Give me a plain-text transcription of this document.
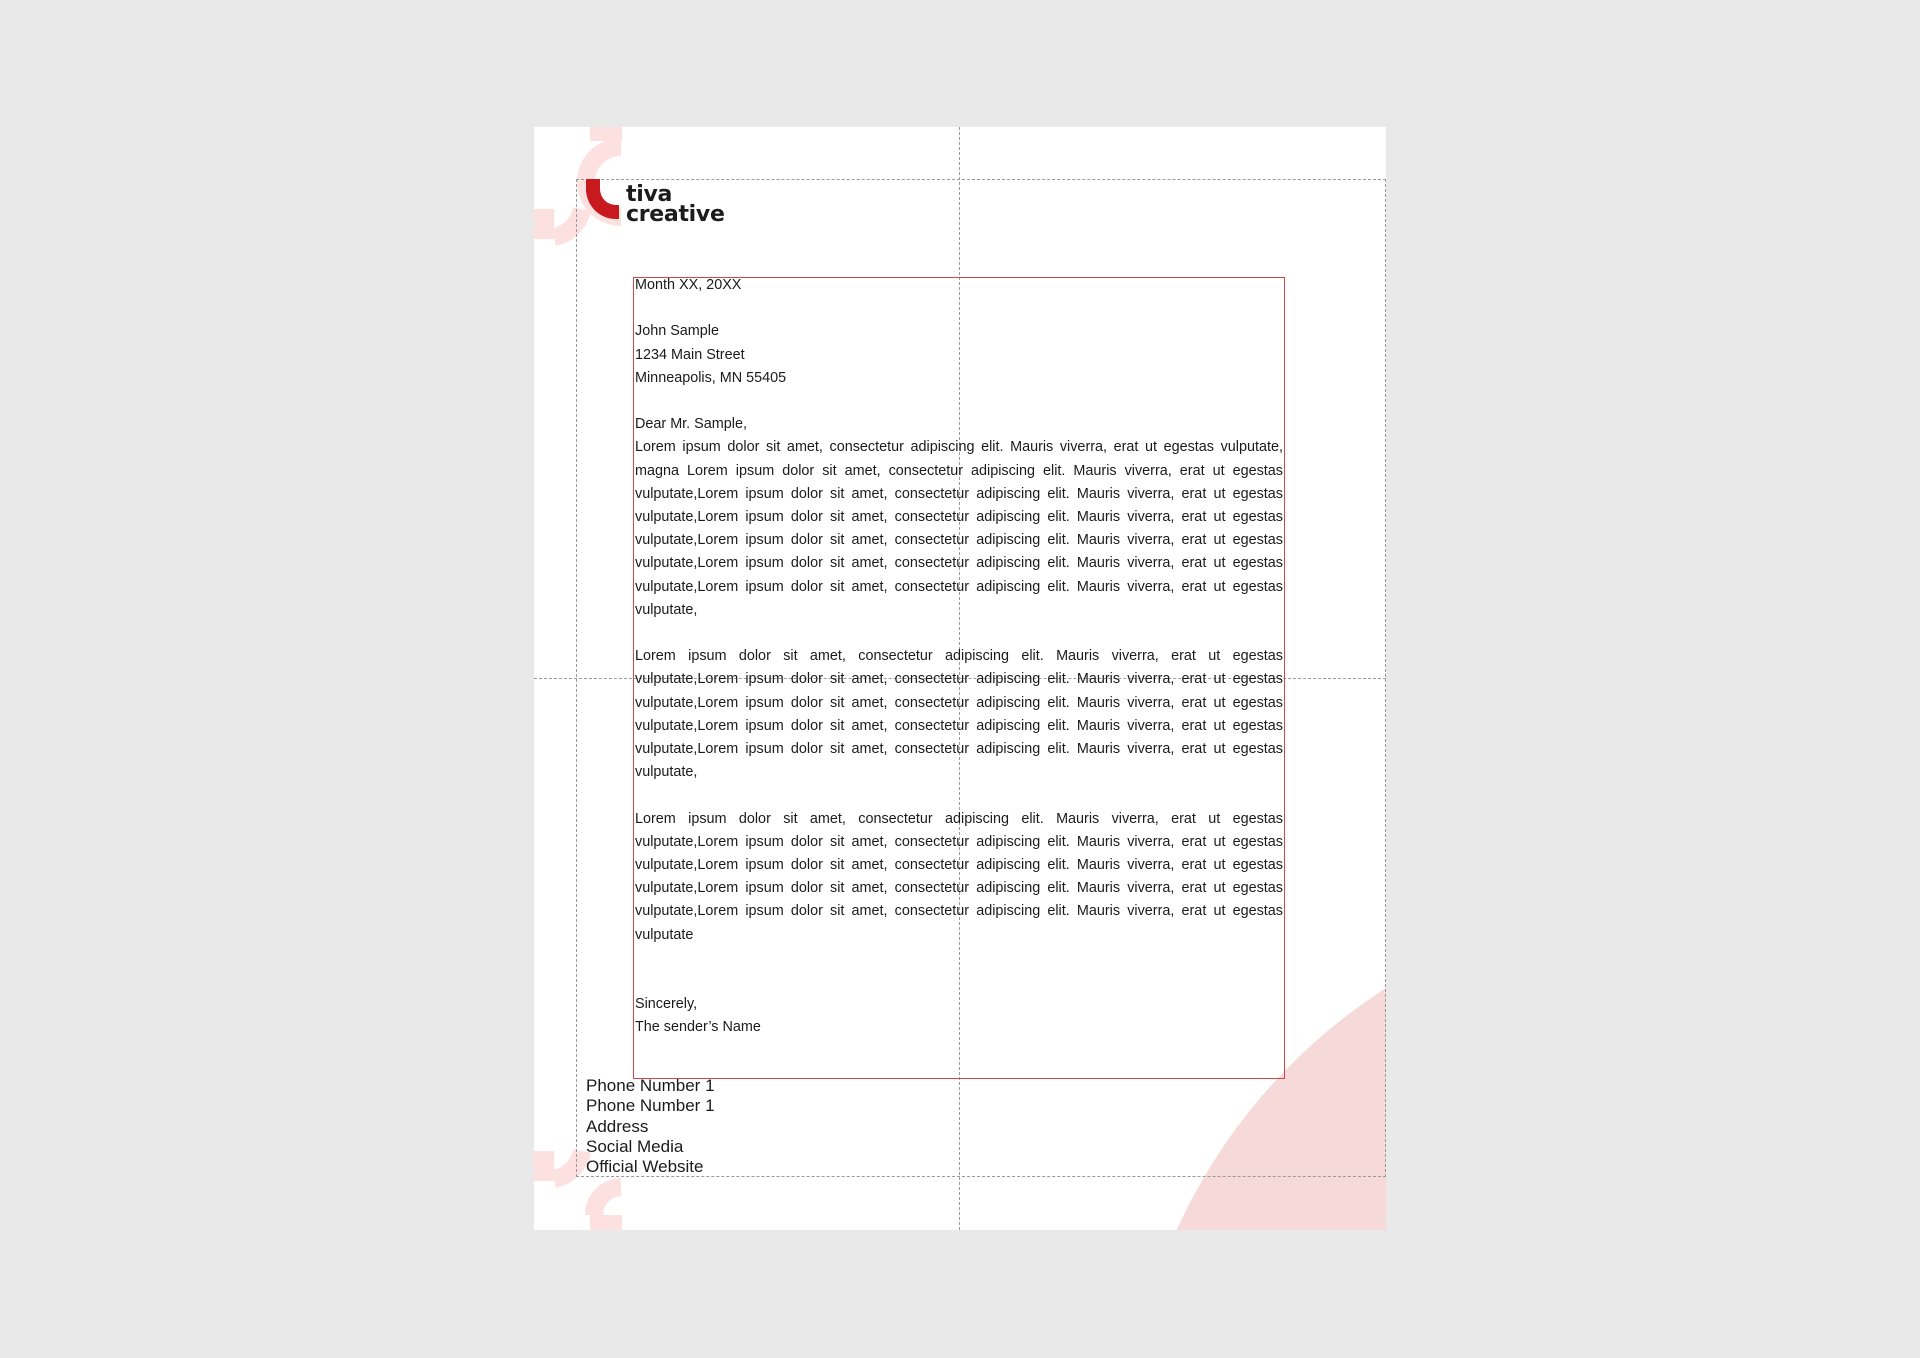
tiva
creative

Month XX, 20XX

John Sample

1234 Main Street

Minneapolis, MN 55405

Dear Mr. Sample,

Lorem ipsum dolor sit amet, consectetur adipiscing elit. Mauris viverra, erat ut egestas vulputate, magna Lorem ipsum dolor sit amet, consectetur adipiscing elit. Mauris viverra, erat ut egestas vulputate,Lorem ipsum dolor sit amet, consectetur adipiscing elit. Mauris viverra, erat ut egestas vulputate,Lorem ipsum dolor sit amet, consectetur adipiscing elit. Mauris viverra, erat ut egestas vulputate,Lorem ipsum dolor sit amet, consectetur adipiscing elit. Mauris viverra, erat ut egestas vulputate,Lorem ipsum dolor sit amet, consectetur adipiscing elit. Mauris viverra, erat ut egestas vulputate,Lorem ipsum dolor sit amet, consectetur adipiscing elit. Mauris viverra, erat ut egestas vulputate,

Lorem ipsum dolor sit amet, consectetur adipiscing elit. Mauris viverra, erat ut egestas vulputate,Lorem ipsum dolor sit amet, consectetur adipiscing elit. Mauris viverra, erat ut egestas vulputate,Lorem ipsum dolor sit amet, consectetur adipiscing elit. Mauris viverra, erat ut egestas vulputate,Lorem ipsum dolor sit amet, consectetur adipiscing elit. Mauris viverra, erat ut egestas vulputate,Lorem ipsum dolor sit amet, consectetur adipiscing elit. Mauris viverra, erat ut egestas vulputate,

Lorem ipsum dolor sit amet, consectetur adipiscing elit. Mauris viverra, erat ut egestas vulputate,Lorem ipsum dolor sit amet, consectetur adipiscing elit. Mauris viverra, erat ut egestas vulputate,Lorem ipsum dolor sit amet, consectetur adipiscing elit. Mauris viverra, erat ut egestas vulputate,Lorem ipsum dolor sit amet, consectetur adipiscing elit. Mauris viverra, erat ut egestas vulputate,Lorem ipsum dolor sit amet, consectetur adipiscing elit. Mauris viverra, erat ut egestas vulputate

Sincerely,

The sender’s Name

Phone Number 1
Phone Number 1
Address
Social Media
Official Website
